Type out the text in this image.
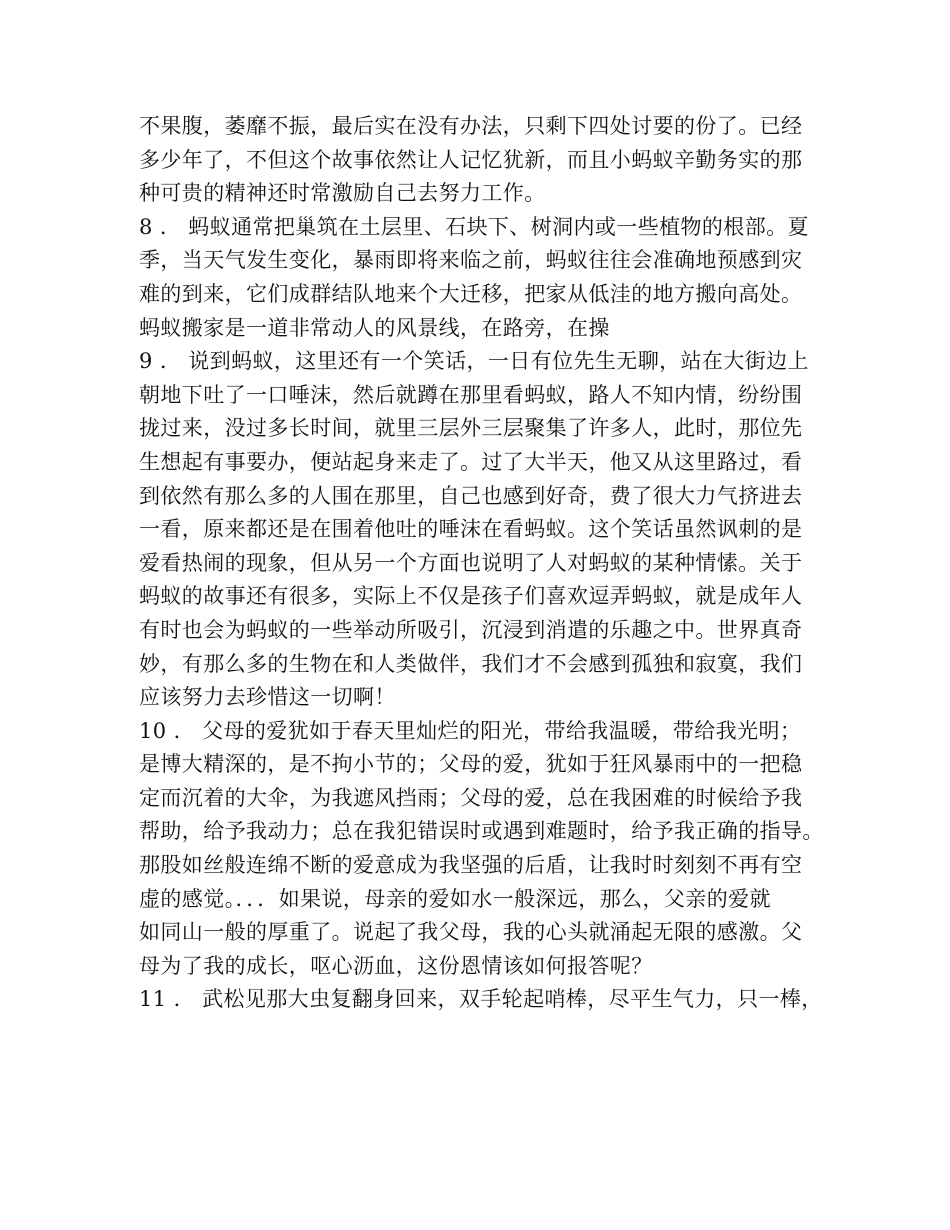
不果腹，萎靡不振，最后实在没有办法，只剩下四处讨要的份了。已经
多少年了，不但这个故事依然让人记忆犹新，而且小蚂蚁辛勤务实的那
种可贵的精神还时常激励自己去努力工作。
8 ． 蚂蚁通常把巢筑在土层里、石块下、树洞内或一些植物的根部。夏
季，当天气发生变化，暴雨即将来临之前，蚂蚁往往会准确地预感到灾
难的到来，它们成群结队地来个大迁移，把家从低洼的地方搬向高处。
蚂蚁搬家是一道非常动人的风景线，在路旁，在操
9 ． 说到蚂蚁，这里还有一个笑话，一日有位先生无聊，站在大街边上
朝地下吐了一口唾沫，然后就蹲在那里看蚂蚁，路人不知内情，纷纷围
拢过来，没过多长时间，就里三层外三层聚集了许多人，此时，那位先
生想起有事要办，便站起身来走了。过了大半天，他又从这里路过，看
到依然有那么多的人围在那里，自己也感到好奇，费了很大力气挤进去
一看，原来都还是在围着他吐的唾沫在看蚂蚁。这个笑话虽然讽刺的是
爱看热闹的现象，但从另一个方面也说明了人对蚂蚁的某种情愫。关于
蚂蚁的故事还有很多，实际上不仅是孩子们喜欢逗弄蚂蚁，就是成年人
有时也会为蚂蚁的一些举动所吸引，沉浸到消遣的乐趣之中。世界真奇
妙，有那么多的生物在和人类做伴，我们才不会感到孤独和寂寞，我们
应该努力去珍惜这一切啊！
10 ． 父母的爱犹如于春天里灿烂的阳光，带给我温暖，带给我光明；
是博大精深的，是不拘小节的；父母的爱，犹如于狂风暴雨中的一把稳
定而沉着的大伞，为我遮风挡雨；父母的爱，总在我困难的时候给予我
帮助，给予我动力；总在我犯错误时或遇到难题时，给予我正确的指导。
那股如丝般连绵不断的爱意成为我坚强的后盾，让我时时刻刻不再有空
虚的感觉。．．．如果说，母亲的爱如水一般深远，那么，父亲的爱就
如同山一般的厚重了。说起了我父母，我的心头就涌起无限的感激。父
母为了我的成长，呕心沥血，这份恩情该如何报答呢？
11 ． 武松见那大虫复翻身回来，双手轮起哨棒，尽平生气力，只一棒，
